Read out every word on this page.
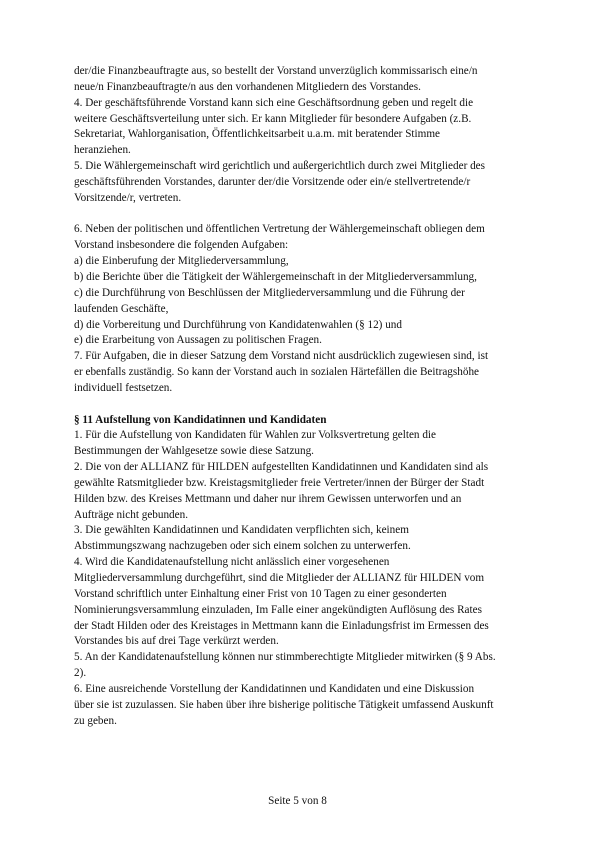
der/die Finanzbeauftragte aus, so bestellt der Vorstand unverzüglich kommissarisch eine/n
neue/n Finanzbeauftragte/n aus den vorhandenen Mitgliedern des Vorstandes.
4. Der geschäftsführende Vorstand kann sich eine Geschäftsordnung geben und regelt die
weitere Geschäftsverteilung unter sich. Er kann Mitglieder für besondere Aufgaben (z.B.
Sekretariat, Wahlorganisation, Öffentlichkeitsarbeit u.a.m. mit beratender Stimme
heranziehen.
5. Die Wählergemeinschaft wird gerichtlich und außergerichtlich durch zwei Mitglieder des
geschäftsführenden Vorstandes, darunter der/die Vorsitzende oder ein/e stellvertretende/r
Vorsitzende/r, vertreten.
6. Neben der politischen und öffentlichen Vertretung der Wählergemeinschaft obliegen dem
Vorstand insbesondere die folgenden Aufgaben:
a) die Einberufung der Mitgliederversammlung,
b) die Berichte über die Tätigkeit der Wählergemeinschaft in der Mitgliederversammlung,
c) die Durchführung von Beschlüssen der Mitgliederversammlung und die Führung der
laufenden Geschäfte,
d) die Vorbereitung und Durchführung von Kandidatenwahlen (§ 12) und
e) die Erarbeitung von Aussagen zu politischen Fragen.
7. Für Aufgaben, die in dieser Satzung dem Vorstand nicht ausdrücklich zugewiesen sind, ist
er ebenfalls zuständig. So kann der Vorstand auch in sozialen Härtefällen die Beitragshöhe
individuell festsetzen.
§ 11 Aufstellung von Kandidatinnen und Kandidaten
1. Für die Aufstellung von Kandidaten für Wahlen zur Volksvertretung gelten die
Bestimmungen der Wahlgesetze sowie diese Satzung.
2. Die von der ALLIANZ für HILDEN aufgestellten Kandidatinnen und Kandidaten sind als
gewählte Ratsmitglieder bzw. Kreistagsmitglieder freie Vertreter/innen der Bürger der Stadt
Hilden bzw. des Kreises Mettmann und daher nur ihrem Gewissen unterworfen und an
Aufträge nicht gebunden.
3. Die gewählten Kandidatinnen und Kandidaten verpflichten sich, keinem
Abstimmungszwang nachzugeben oder sich einem solchen zu unterwerfen.
4. Wird die Kandidatenaufstellung nicht anlässlich einer vorgesehenen
Mitgliederversammlung durchgeführt, sind die Mitglieder der ALLIANZ für HILDEN vom
Vorstand schriftlich unter Einhaltung einer Frist von 10 Tagen zu einer gesonderten
Nominierungsversammlung einzuladen, Im Falle einer angekündigten Auflösung des Rates
der Stadt Hilden oder des Kreistages in Mettmann kann die Einladungsfrist im Ermessen des
Vorstandes bis auf drei Tage verkürzt werden.
5. An der Kandidatenaufstellung können nur stimmberechtigte Mitglieder mitwirken (§ 9 Abs.
2).
6. Eine ausreichende Vorstellung der Kandidatinnen und Kandidaten und eine Diskussion
über sie ist zuzulassen. Sie haben über ihre bisherige politische Tätigkeit umfassend Auskunft
zu geben.
Seite 5 von 8
